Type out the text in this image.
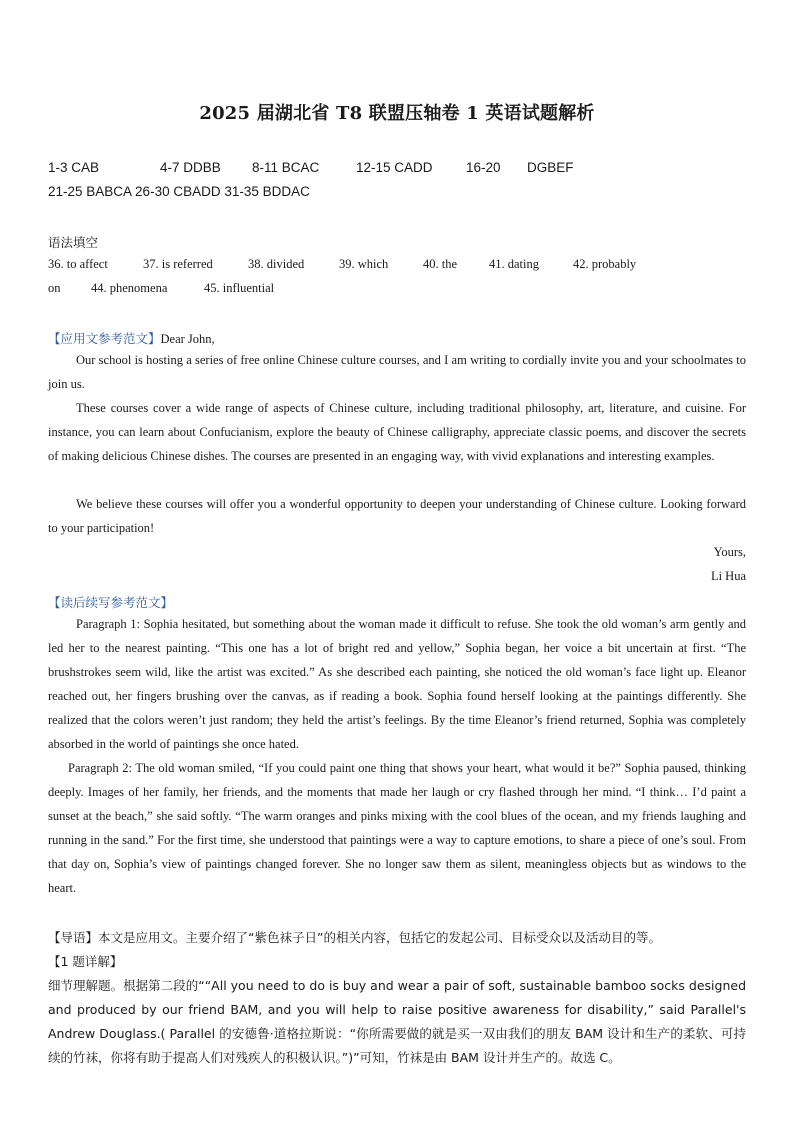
2025 届湖北省 T8 联盟压轴卷 1 英语试题解析
1-3 CAB	4-7 DDBB 8-11 BCAC	12-15 CADD 16-20 DGBEF
21-25 BABCA 26-30 CBADD 31-35 BDDAC
语法填空
36. to affect	37. is referred	38. divided	39. which	40. the	41. dating	42. probably
on 44. phenomena	45. influential
【应用文参考范文】Dear John,

Our school is hosting a series of free online Chinese culture courses, and I am writing to cordially invite you and your schoolmates to join us.

These courses cover a wide range of aspects of Chinese culture, including traditional philosophy, art, literature, and cuisine. For instance, you can learn about Confucianism, explore the beauty of Chinese calligraphy, appreciate classic poems, and discover the secrets of making delicious Chinese dishes. The courses are presented in an engaging way, with vivid explanations and interesting examples.

We believe these courses will offer you a wonderful opportunity to deepen your understanding of Chinese culture. Looking forward to your participation!

Yours,
Li Hua
【读后续写参考范文】

Paragraph 1: Sophia hesitated, but something about the woman made it difficult to refuse. She took the old woman’s arm gently and led her to the nearest painting. “This one has a lot of bright red and yellow,” Sophia began, her voice a bit uncertain at first. “The brushstrokes seem wild, like the artist was excited.” As she described each painting, she noticed the old woman’s face light up. Eleanor reached out, her fingers brushing over the canvas, as if reading a book. Sophia found herself looking at the paintings differently. She realized that the colors weren’t just random; they held the artist’s feelings. By the time Eleanor’s friend returned, Sophia was completely absorbed in the world of paintings she once hated.

Paragraph 2: The old woman smiled, “If you could paint one thing that shows your heart, what would it be?” Sophia paused, thinking deeply. Images of her family, her friends, and the moments that made her laugh or cry flashed through her mind. “I think… I’d paint a sunset at the beach,” she said softly. “The warm oranges and pinks mixing with the cool blues of the ocean, and my friends laughing and running in the sand.” For the first time, she understood that paintings were a way to capture emotions, to share a piece of one’s soul. From that day on, Sophia’s view of paintings changed forever. She no longer saw them as silent, meaningless objects but as windows to the heart.

【导语】本文是应用文。主要介绍了“紫色袜子日”的相关内容，包括它的发起公司、目标受众以及活动目的等。

【1 题详解】

细节理解题。根据第二段的““All you need to do is buy and wear a pair of soft, sustainable bamboo socks designed and produced by our friend BAM, and you will help to raise positive awareness for disability,” said Parallel's Andrew Douglass.( Parallel 的安德鲁·道格拉斯说：“你所需要做的就是买一双由我们的朋友 BAM 设计和生产的柔软、可持续的竹袜，你将有助于提高人们对残疾人的积极认识。”)”可知，竹袜是由 BAM 设计并生产的。故选 C。
